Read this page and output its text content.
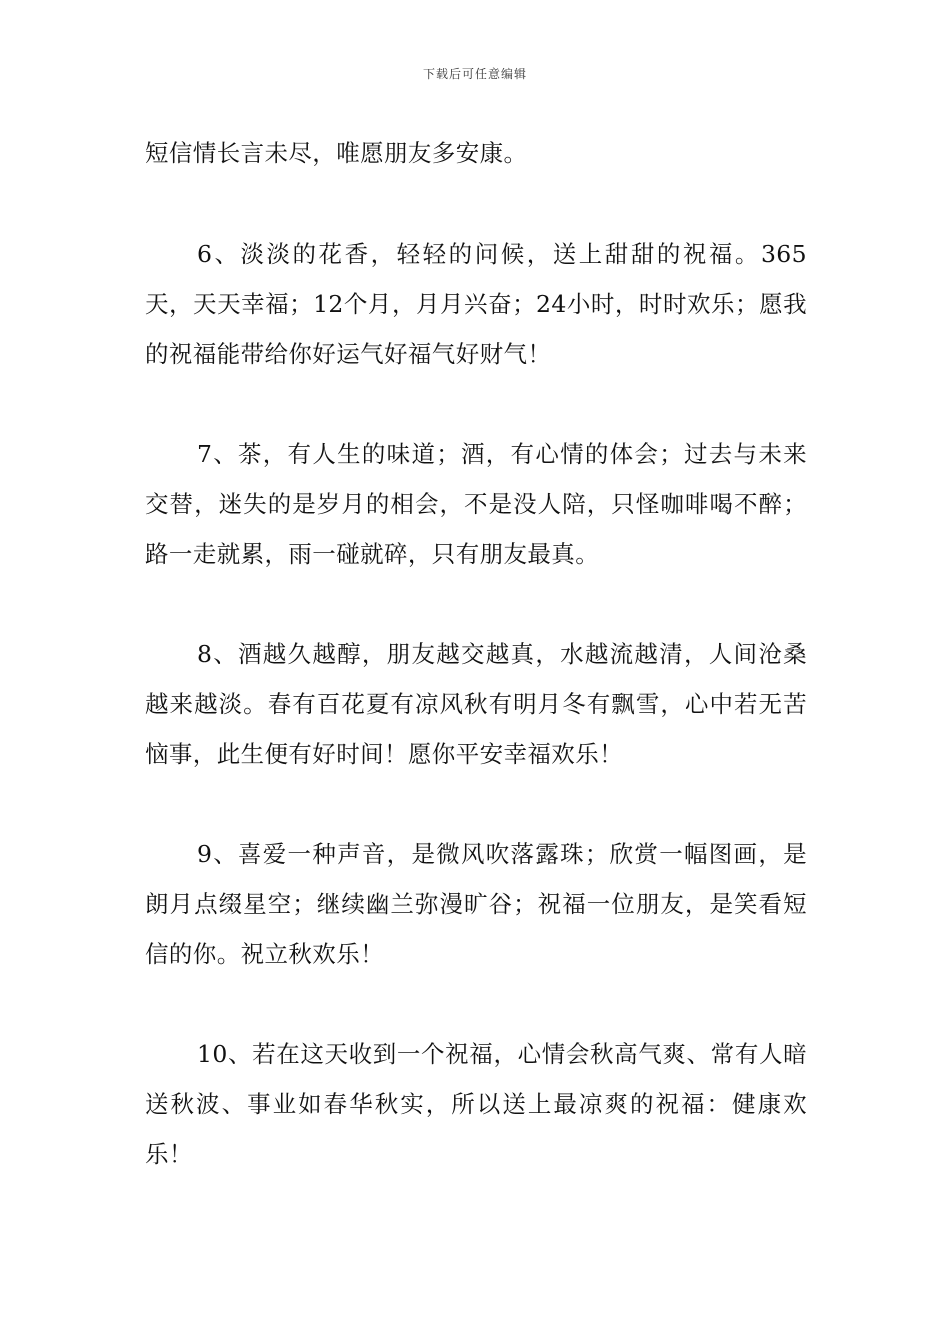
下载后可任意编辑

短信情长言未尽，唯愿朋友多安康。

6、淡淡的花香，轻轻的问候，送上甜甜的祝福。365天，天天幸福；12个月，月月兴奋；24小时，时时欢乐；愿我的祝福能带给你好运气好福气好财气！

7、茶，有人生的味道；酒，有心情的体会；过去与未来交替，迷失的是岁月的相会，不是没人陪，只怪咖啡喝不醉；路一走就累，雨一碰就碎，只有朋友最真。

8、酒越久越醇，朋友越交越真，水越流越清，人间沧桑越来越淡。春有百花夏有凉风秋有明月冬有飘雪，心中若无苦恼事，此生便有好时间！愿你平安幸福欢乐！

9、喜爱一种声音，是微风吹落露珠；欣赏一幅图画，是朗月点缀星空；继续幽兰弥漫旷谷；祝福一位朋友，是笑看短信的你。祝立秋欢乐！

10、若在这天收到一个祝福，心情会秋高气爽、常有人暗送秋波、事业如春华秋实，所以送上最凉爽的祝福：健康欢乐！
